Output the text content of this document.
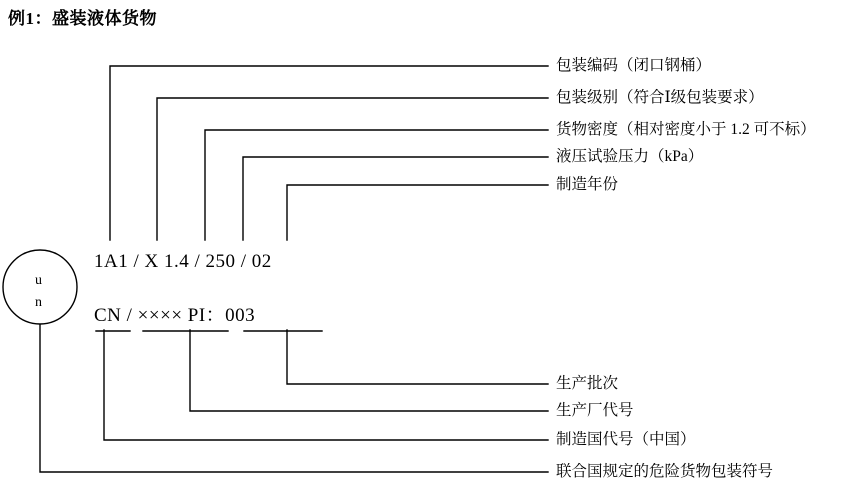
例1：盛装液体货物
u
n
1A1 / X 1.4 / 250 / 02
CN / ×××× PI：003
包装编码（闭口钢桶）
包装级别（符合Ⅰ级包装要求）
货物密度（相对密度小于 1.2 可不标）
液压试验压力（kPa）
制造年份
生产批次
生产厂代号
制造国代号（中国）
联合国规定的危险货物包装符号
